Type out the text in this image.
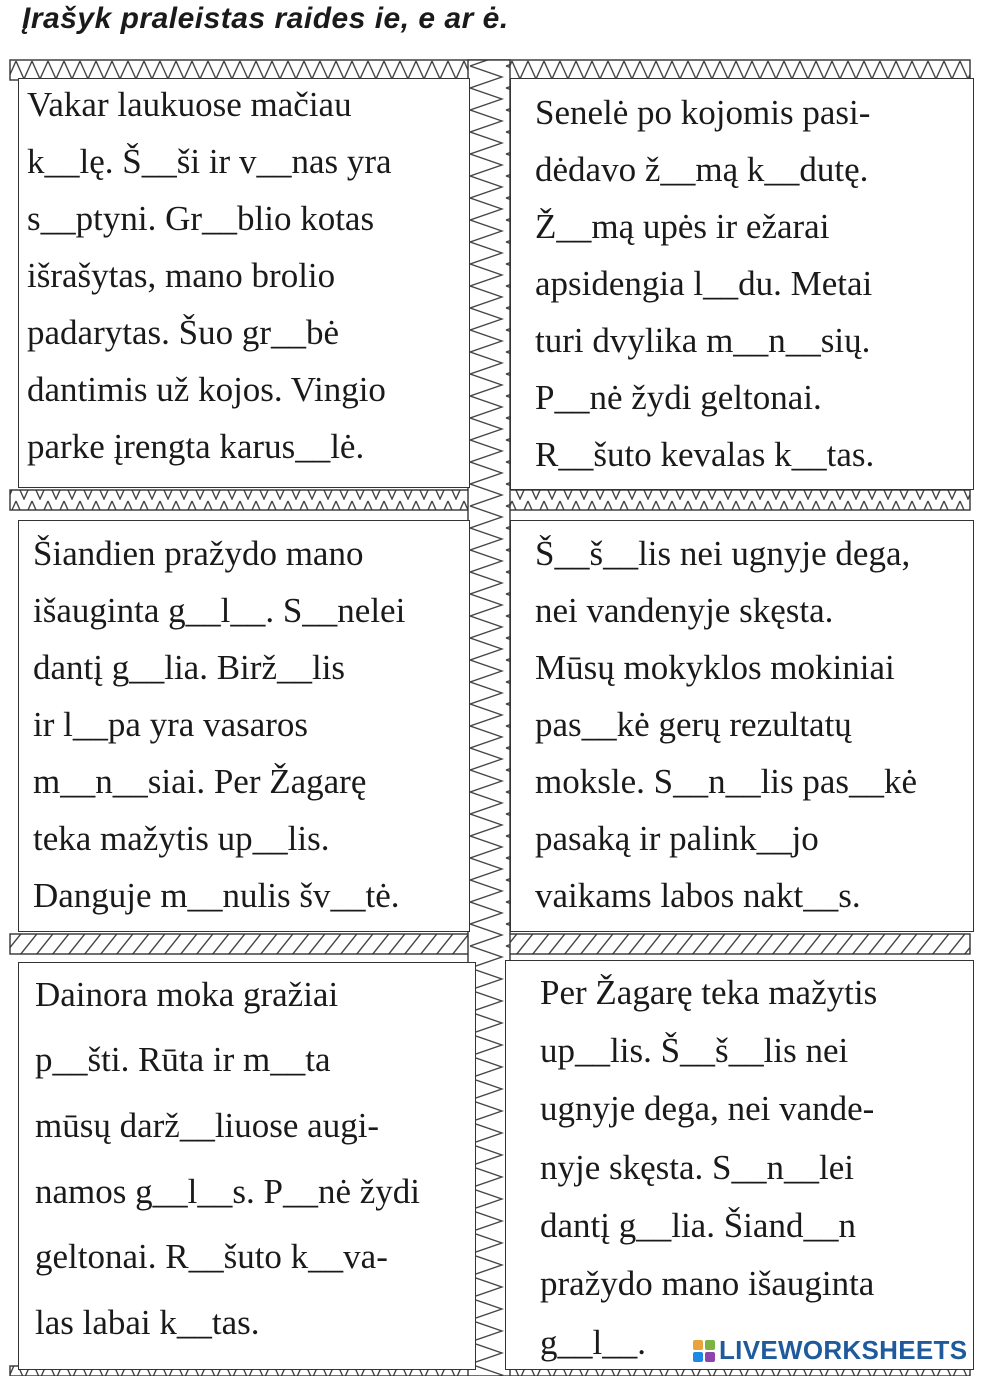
Įrašyk praleistas raides ie, e ar ė.
Vakar laukuose mačiau
k__lę. Š__ši ir v__nas yra
s__ptyni. Gr__blio kotas
išrašytas, mano brolio
padarytas. Šuo gr__bė
dantimis už kojos. Vingio
parke įrengta karus__lė.
Senelė po kojomis pasi-
dėdavo ž__mą k__dutę.
Ž__mą upės ir ežarai
apsidengia l__du. Metai
turi dvylika m__n__sių.
P__nė žydi geltonai.
R__šuto kevalas k__tas.
Šiandien pražydo mano
išauginta g__l__. S__nelei
dantį g__lia. Birž__lis
ir l__pa yra vasaros
m__n__siai. Per Žagarę
teka mažytis up__lis.
Danguje m__nulis šv__tė.
Š__š__lis nei ugnyje dega,
nei vandenyje skęsta.
Mūsų mokyklos mokiniai
pas__kė gerų rezultatų
moksle. S__n__lis pas__kė
pasaką ir palink__jo
vaikams labos nakt__s.
Dainora moka gražiai
p__šti. Rūta ir m__ta
mūsų darž__liuose augi-
namos g__l__s. P__nė žydi
geltonai. R__šuto k__va-
las labai k__tas.
Per Žagarę teka mažytis
up__lis. Š__š__lis nei
ugnyje dega, nei vande-
nyje skęsta. S__n__lei
dantį g__lia. Šiand__n
pražydo mano išauginta
g__l__.	LIVEWORKSHEETS
